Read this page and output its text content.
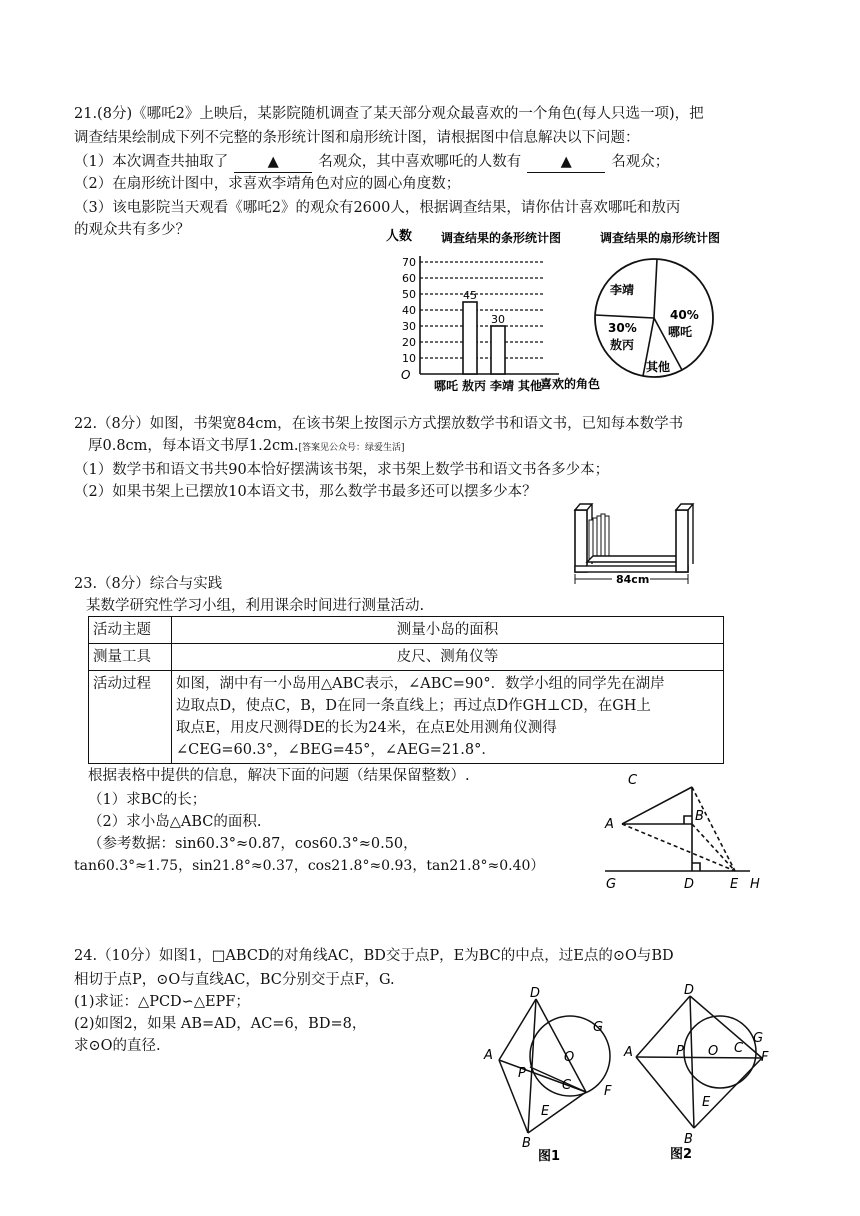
21.(8分)《哪吒2》上映后，某影院随机调查了某天部分观众最喜欢的一个角色(每人只选一项)，把
调查结果绘制成下列不完整的条形统计图和扇形统计图，请根据图中信息解决以下问题：
（1）本次调查共抽取了	▲	名观众，其中喜欢哪吒的人数有	▲	名观众；
（2）在扇形统计图中，求喜欢李靖角色对应的圆心角度数；
（3）该电影院当天观看《哪吒2》的观众有2600人，根据调查结果，请你估计喜欢哪吒和敖丙
的观众共有多少？
10
20
30
40
50
60
70
哪吒 敖丙
45
李靖
30
其他
人数 调查结果的条形统计图
O
喜欢的角色
调查结果的扇形统计图
李靖
30%
敖丙
40%
哪吒
其他
22.（8分）如图，书架宽84cm，在该书架上按图示方式摆放数学书和语文书，已知每本数学书
厚0.8cm，每本语文书厚1.2cm.[答案见公众号：绿爱生活]
（1）数学书和语文书共90本恰好摆满该书架，求书架上数学书和语文书各多少本；
（2）如果书架上已摆放10本语文书，那么数学书最多还可以摆多少本？
84cm
23.（8分）综合与实践
某数学研究性学习小组，利用课余时间进行测量活动.
活动主题	测量小岛的面积
测量工具	皮尺、测角仪等
活动过程	如图，湖中有一小岛用△ABC表示，∠ABC=90°．数学小组的同学先在湖岸
边取点D，使点C，B，D在同一条直线上；再过点D作GH⊥CD，在GH上
取点E，用皮尺测得DE的长为24米，在点E处用测角仪测得
∠CEG=60.3°，∠BEG=45°，∠AEG=21.8°．
根据表格中提供的信息，解决下面的问题（结果保留整数）.
（1）求BC的长；
（2）求小岛△ABC的面积.
（参考数据：sin60.3°≈0.87，cos60.3°≈0.50，
tan60.3°≈1.75，sin21.8°≈0.37，cos21.8°≈0.93，tan21.8°≈0.40）
C
A
B
G	D	E H
24.（10分）如图1，□ABCD的对角线AC，BD交于点P，E为BC的中点，过E点的⊙O与BD
相切于点P，⊙O与直线AC，BC分别交于点F，G.
(1)求证：△PCD∽△EPF；
(2)如图2，如果 AB=AD，AC=6，BD=8，
求⊙O的直径.
D
A
P
O
G
C	F
E
B
图1
D
A	P O C
G
F
E
B
图2
